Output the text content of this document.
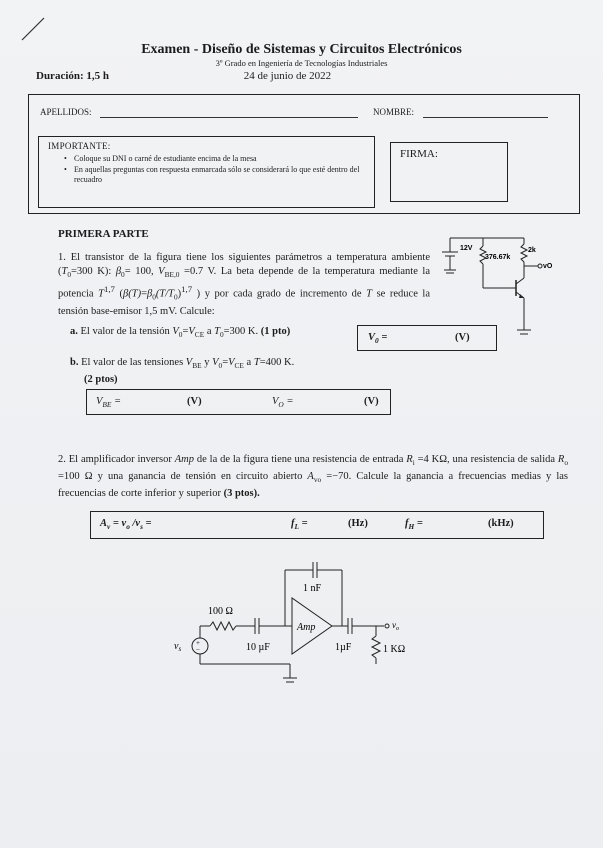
Examen - Diseño de Sistemas y Circuitos Electrónicos
3º Grado en Ingeniería de Tecnologías Industriales
Duración: 1,5 h	24 de junio de 2022
APELLIDOS:	NOMBRE:
IMPORTANTE:
• Coloque su DNI o carné de estudiante encima de la mesa
• En aquellas preguntas con respuesta enmarcada sólo se considerará lo que esté dentro del recuadro
FIRMA:
PRIMERA PARTE
1. El transistor de la figura tiene los siguientes parámetros a temperatura ambiente ($T_0=300$ K): $\beta_0= 100$, $V_{BE,0} =0.7$ V. La beta depende de la temperatura mediante la potencia T$^{1,7}$ ($\beta(T)=\beta_0(T/T_0)^{1,7}$ ) y por cada grado de incremento de T se reduce la tensión base-emisor 1,5 mV. Calcule:
a. El valor de la tensión $V_0=V_{CE}$ a $T_0=300$ K. (1 pto)
$V_0$ =	(V)
b. El valor de las tensiones $V_{BE}$ y $V_0=V_{CE}$ a T=400 K.
(2 ptos)
$V_{BE}$ =	(V)	$V_O$ =	(V)
12V
376.67k
2k
vO
2. El amplificador inversor Amp de la de la figura tiene una resistencia de entrada $R_i =4$ KΩ, una resistencia de salida $R_o =100$ Ω y una ganancia de tensión en circuito abierto $A_{vo} =-70$. Calcule la ganancia a frecuencias medias y las frecuencias de corte inferior y superior (3 ptos).
$A_v = v_o$ $/v_s$ =	$f_L$ =	(Hz)	$f_H$ =	(kHz)
1 nF
+
−
$v_s$
100 Ω
10 µF
Amp
1µF
$v_o$
1 KΩ
